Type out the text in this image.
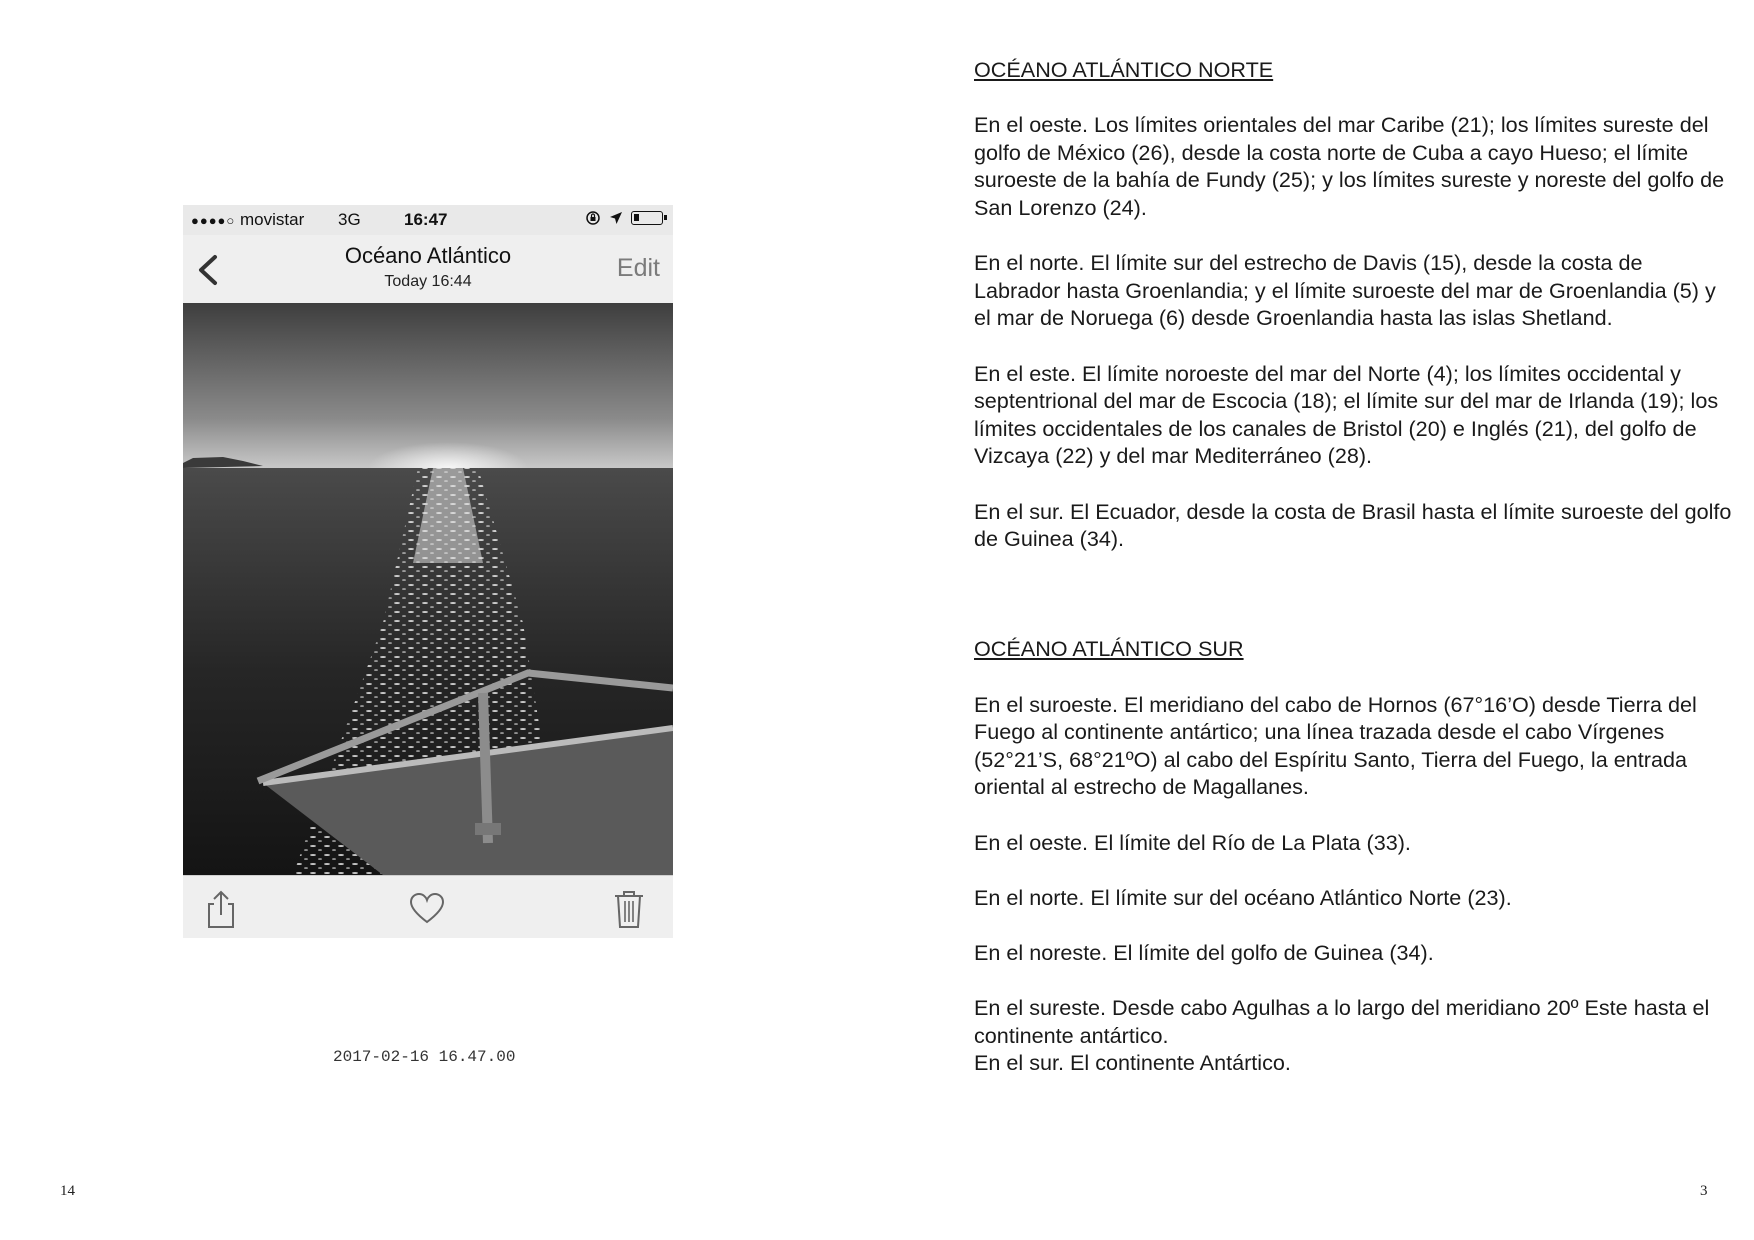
●●●●○ movistar 3G	16:47
Océano Atlántico
Today 16:44	Edit
2017-02-16 16.47.00
14

OCÉANO ATLÁNTICO NORTE

En el oeste. Los límites orientales del mar Caribe (21); los límites sureste del golfo de México (26), desde la costa norte de Cuba a cayo Hueso; el límite suroeste de la bahía de Fundy (25); y los límites sureste y noreste del golfo de San Lorenzo (24).

En el norte. El límite sur del estrecho de Davis (15), desde la costa de Labrador hasta Groenlandia; y el límite suroeste del mar de Groenlandia (5) y el mar de Noruega (6) desde Groenlandia hasta las islas Shetland.

En el este. El límite noroeste del mar del Norte (4); los límites occidental y septentrional del mar de Escocia (18); el límite sur del mar de Irlanda (19); los límites occidentales de los canales de Bristol (20) e Inglés (21), del golfo de Vizcaya (22) y del mar Mediterráneo (28).

En el sur. El Ecuador, desde la costa de Brasil hasta el límite suroeste del golfo de Guinea (34).

OCÉANO ATLÁNTICO SUR

En el suroeste. El meridiano del cabo de Hornos (67°16’O) desde Tierra del Fuego al continente antártico; una línea trazada desde el cabo Vírgenes (52°21’S, 68°21ºO) al cabo del Espíritu Santo, Tierra del Fuego, la entrada oriental al estrecho de Magallanes.

En el oeste. El límite del Río de La Plata (33).

En el norte. El límite sur del océano Atlántico Norte (23).

En el noreste. El límite del golfo de Guinea (34).

En el sureste. Desde cabo Agulhas a lo largo del meridiano 20º Este hasta el continente antártico.

En el sur. El continente Antártico.

3
